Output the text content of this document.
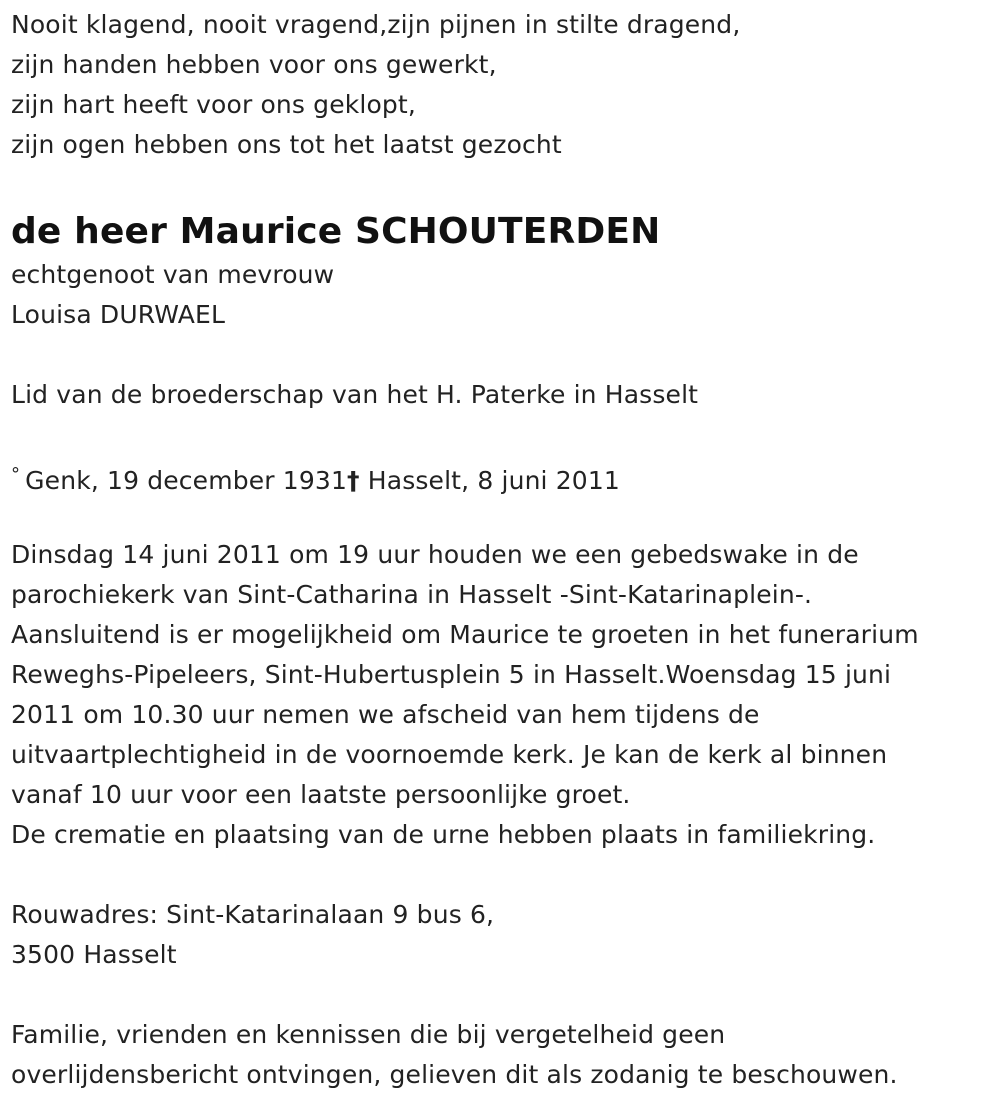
Nooit klagend, nooit vragend,zijn pijnen in stilte dragend,
zijn handen hebben voor ons gewerkt,
zijn hart heeft voor ons geklopt,
zijn ogen hebben ons tot het laatst gezocht
de heer Maurice SCHOUTERDEN
echtgenoot van mevrouw
Louisa DURWAEL
Lid van de broederschap van het H. Paterke in Hasselt
° Genk, 19 december 1931† Hasselt, 8 juni 2011
Dinsdag 14 juni 2011 om 19 uur houden we een gebedswake in de
parochiekerk van Sint-Catharina in Hasselt -Sint-Katarinaplein-.
Aansluitend is er mogelijkheid om Maurice te groeten in het funerarium
Reweghs-Pipeleers, Sint-Hubertusplein 5 in Hasselt.Woensdag 15 juni
2011 om 10.30 uur nemen we afscheid van hem tijdens de
uitvaartplechtigheid in de voornoemde kerk. Je kan de kerk al binnen
vanaf 10 uur voor een laatste persoonlijke groet.
De crematie en plaatsing van de urne hebben plaats in familiekring.
Rouwadres: Sint-Katarinalaan 9 bus 6,
3500 Hasselt
Familie, vrienden en kennissen die bij vergetelheid geen
overlijdensbericht ontvingen, gelieven dit als zodanig te beschouwen.
